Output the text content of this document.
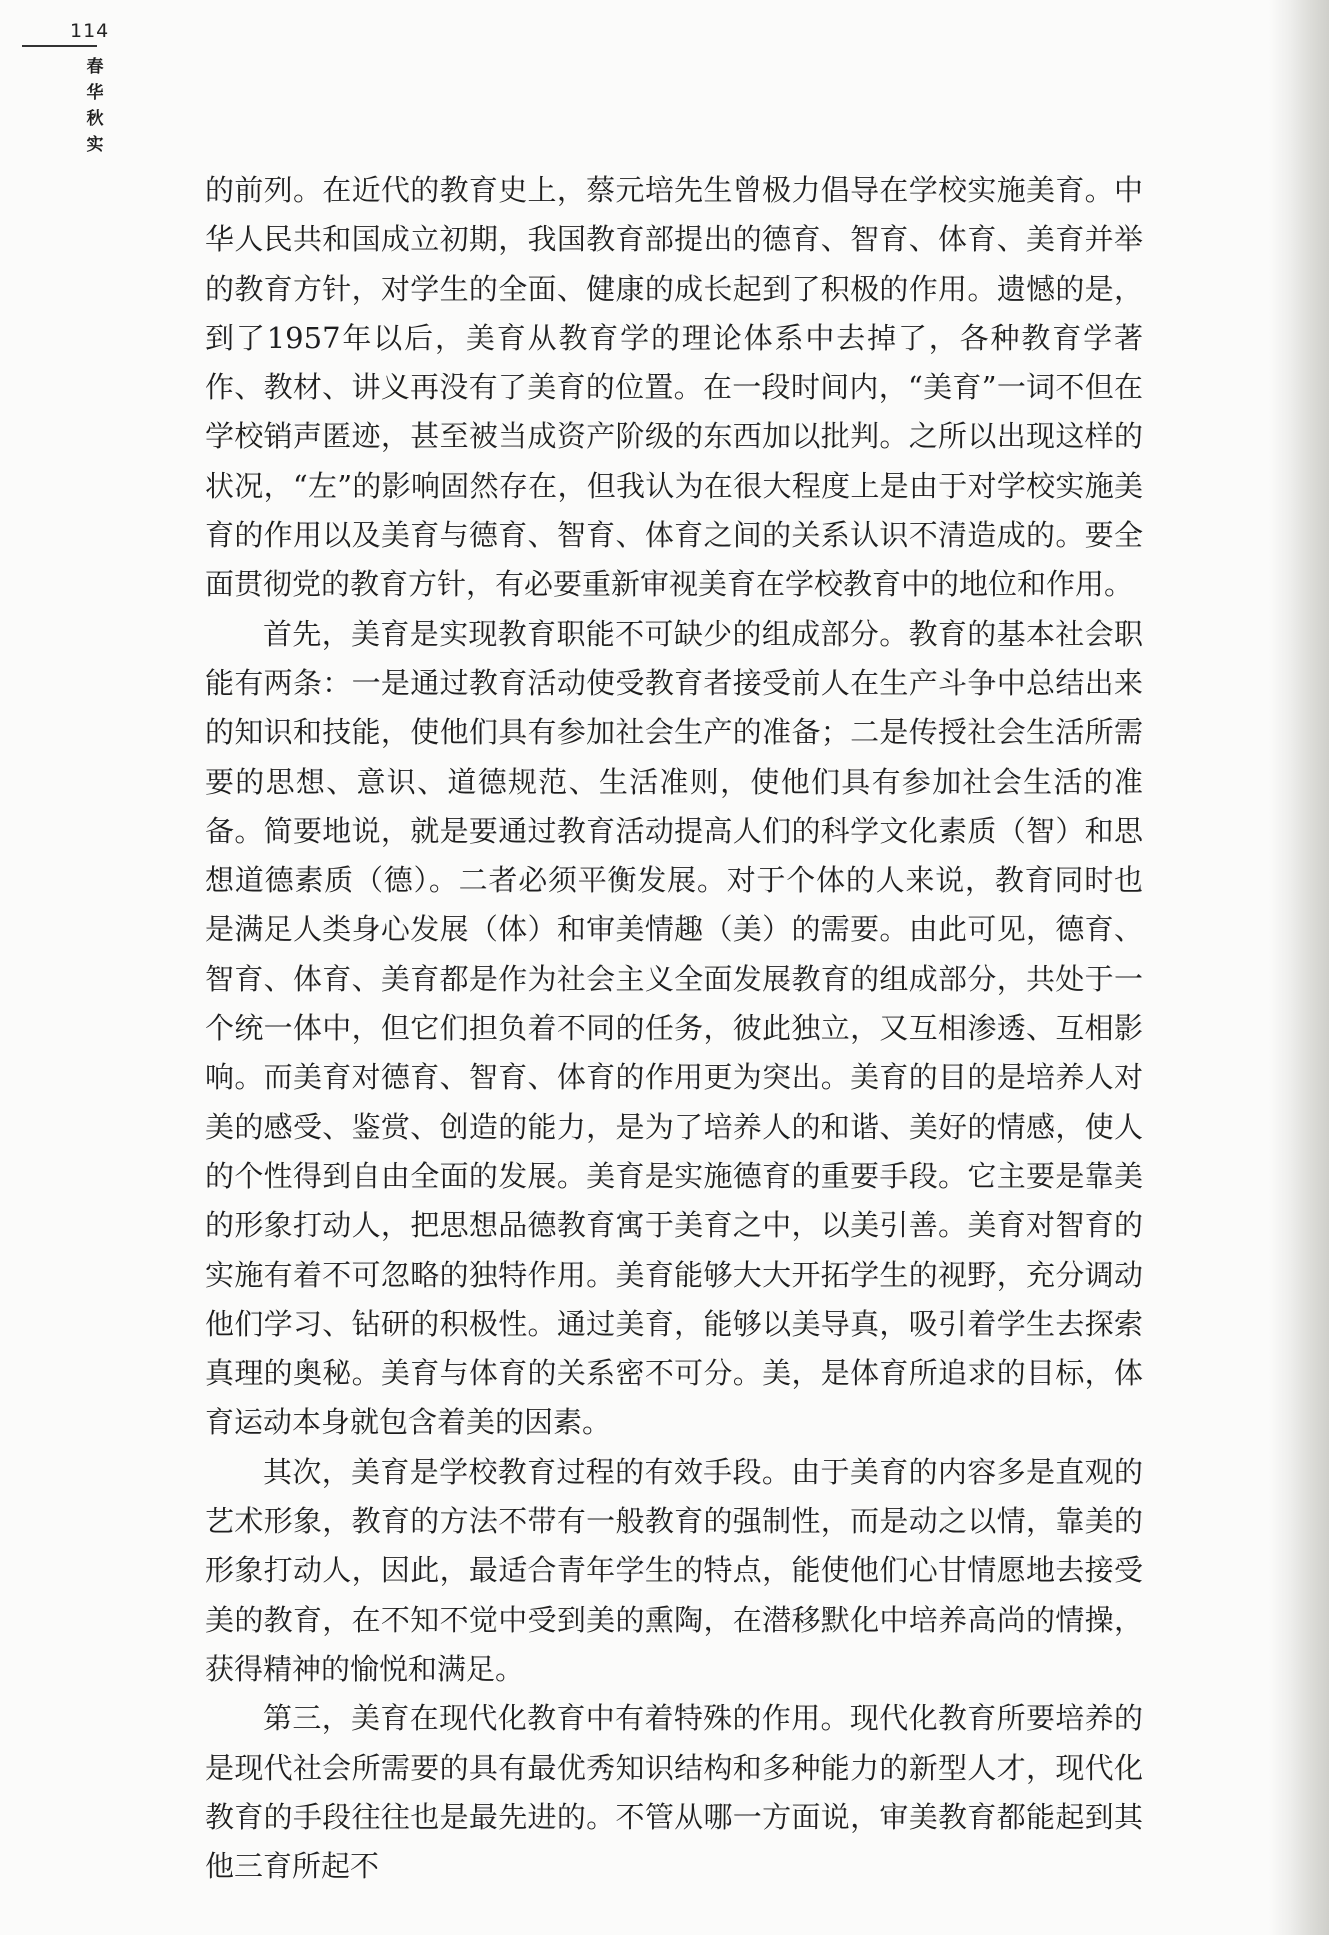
114
春
华
秋
实

的前列。在近代的教育史上，蔡元培先生曾极力倡导在学校实施美育。中华人民共和国成立初期，我国教育部提出的德育、智育、体育、美育并举的教育方针，对学生的全面、健康的成长起到了积极的作用。遗憾的是，到了1957年以后，美育从教育学的理论体系中去掉了，各种教育学著作、教材、讲义再没有了美育的位置。在一段时间内，“美育”一词不但在学校销声匿迹，甚至被当成资产阶级的东西加以批判。之所以出现这样的状况，“左”的影响固然存在，但我认为在很大程度上是由于对学校实施美育的作用以及美育与德育、智育、体育之间的关系认识不清造成的。要全面贯彻党的教育方针，有必要重新审视美育在学校教育中的地位和作用。

首先，美育是实现教育职能不可缺少的组成部分。教育的基本社会职能有两条：一是通过教育活动使受教育者接受前人在生产斗争中总结出来的知识和技能，使他们具有参加社会生产的准备；二是传授社会生活所需要的思想、意识、道德规范、生活准则，使他们具有参加社会生活的准备。简要地说，就是要通过教育活动提高人们的科学文化素质（智）和思想道德素质（德）。二者必须平衡发展。对于个体的人来说，教育同时也是满足人类身心发展（体）和审美情趣（美）的需要。由此可见，德育、智育、体育、美育都是作为社会主义全面发展教育的组成部分，共处于一个统一体中，但它们担负着不同的任务，彼此独立，又互相渗透、互相影响。而美育对德育、智育、体育的作用更为突出。美育的目的是培养人对美的感受、鉴赏、创造的能力，是为了培养人的和谐、美好的情感，使人的个性得到自由全面的发展。美育是实施德育的重要手段。它主要是靠美的形象打动人，把思想品德教育寓于美育之中，以美引善。美育对智育的实施有着不可忽略的独特作用。美育能够大大开拓学生的视野，充分调动他们学习、钻研的积极性。通过美育，能够以美导真，吸引着学生去探索真理的奥秘。美育与体育的关系密不可分。美，是体育所追求的目标，体育运动本身就包含着美的因素。

其次，美育是学校教育过程的有效手段。由于美育的内容多是直观的艺术形象，教育的方法不带有一般教育的强制性，而是动之以情，靠美的形象打动人，因此，最适合青年学生的特点，能使他们心甘情愿地去接受美的教育，在不知不觉中受到美的熏陶，在潜移默化中培养高尚的情操，获得精神的愉悦和满足。

第三，美育在现代化教育中有着特殊的作用。现代化教育所要培养的是现代社会所需要的具有最优秀知识结构和多种能力的新型人才，现代化教育的手段往往也是最先进的。不管从哪一方面说，审美教育都能起到其他三育所起不
